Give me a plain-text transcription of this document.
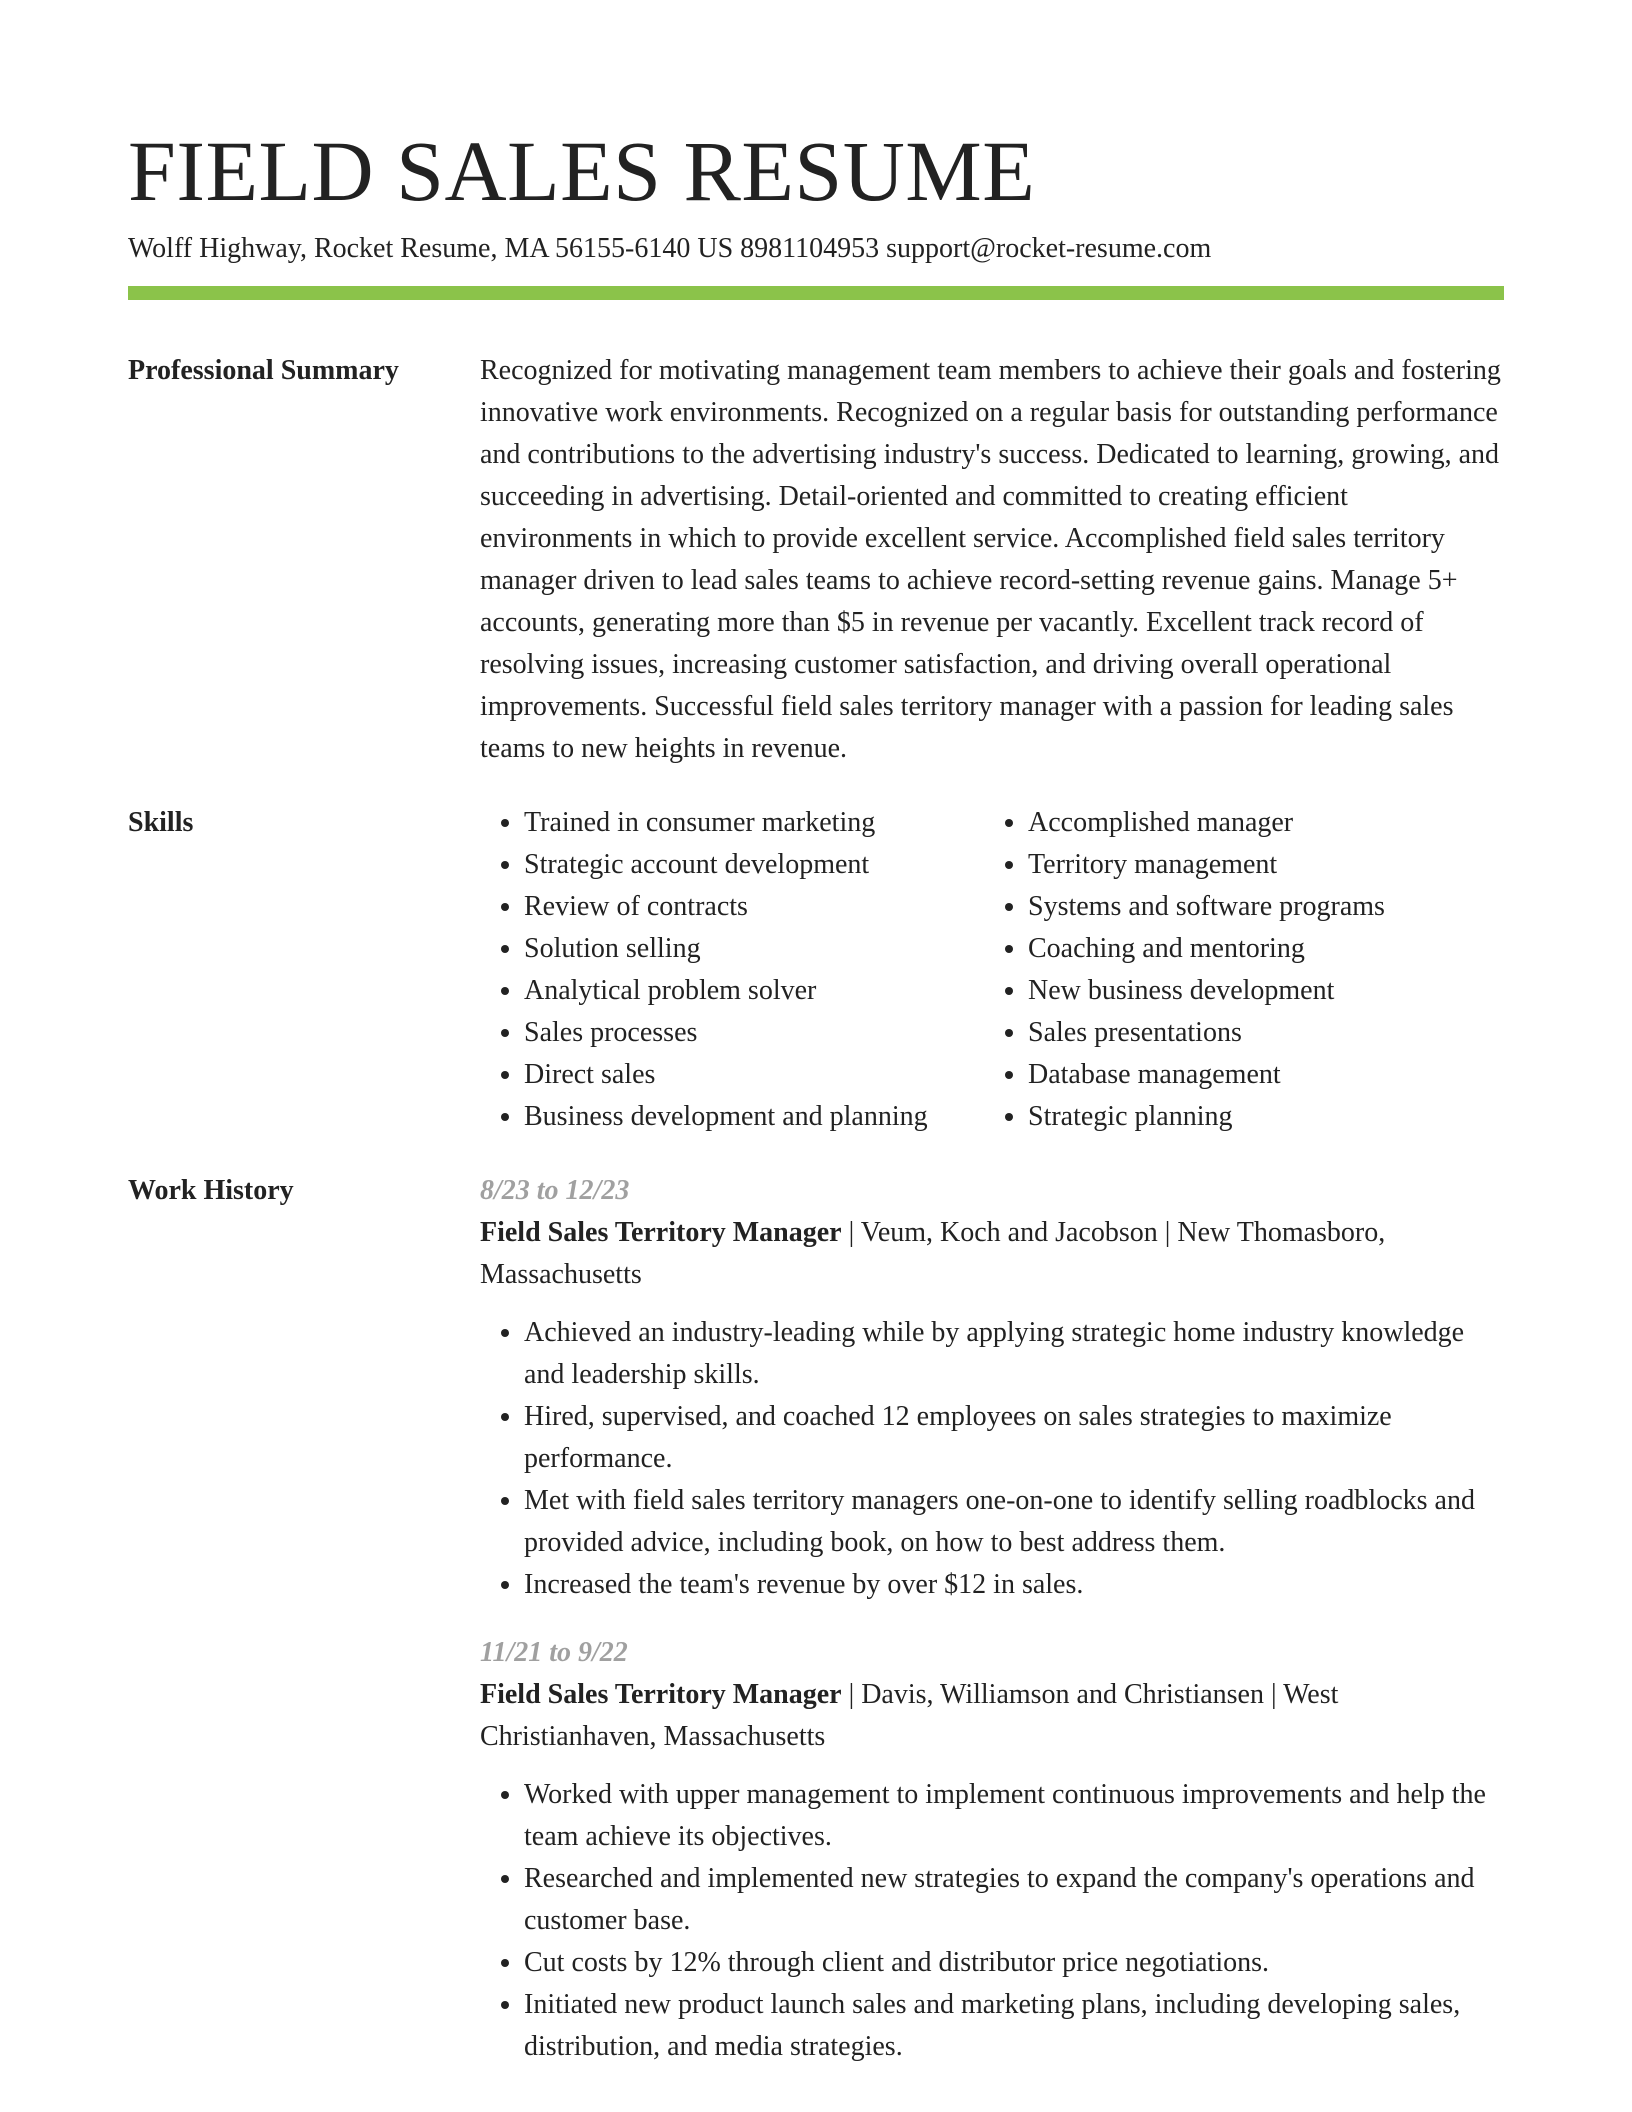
FIELD SALES RESUME
Wolff Highway, Rocket Resume, MA 56155-6140 US 8981104953 support@rocket-resume.com
Professional Summary	Recognized for motivating management team members to achieve their goals and fostering innovative work environments. Recognized on a regular basis for outstanding performance and contributions to the advertising industry's success. Dedicated to learning, growing, and succeeding in advertising. Detail-oriented and committed to creating efficient environments in which to provide excellent service. Accomplished field sales territory manager driven to lead sales teams to achieve record-setting revenue gains. Manage 5+ accounts, generating more than $5 in revenue per vacantly. Excellent track record of resolving issues, increasing customer satisfaction, and driving overall operational improvements. Successful field sales territory manager with a passion for leading sales teams to new heights in revenue.

Skills
•	Trained in consumer marketing
• Strategic account development
• Review of contracts
• Solution selling
• Analytical problem solver
• Sales processes
• Direct sales
• Business development and planning
• Accomplished manager
• Territory management
• Systems and software programs
• Coaching and mentoring
• New business development
• Sales presentations
• Database management
• Strategic planning
Work History	8/23 to 12/23

Field Sales Territory Manager | Veum, Koch and Jacobson | New Thomasboro, Massachusetts

• Achieved an industry-leading while by applying strategic home industry knowledge and leadership skills.
• Hired, supervised, and coached 12 employees on sales strategies to maximize performance.
• Met with field sales territory managers one-on-one to identify selling roadblocks and provided advice, including book, on how to best address them.
• Increased the team's revenue by over $12 in sales.

11/21 to 9/22

Field Sales Territory Manager | Davis, Williamson and Christiansen | West Christianhaven, Massachusetts

• Worked with upper management to implement continuous improvements and help the team achieve its objectives.
• Researched and implemented new strategies to expand the company's operations and customer base.
• Cut costs by 12% through client and distributor price negotiations.
• Initiated new product launch sales and marketing plans, including developing sales, distribution, and media strategies.
